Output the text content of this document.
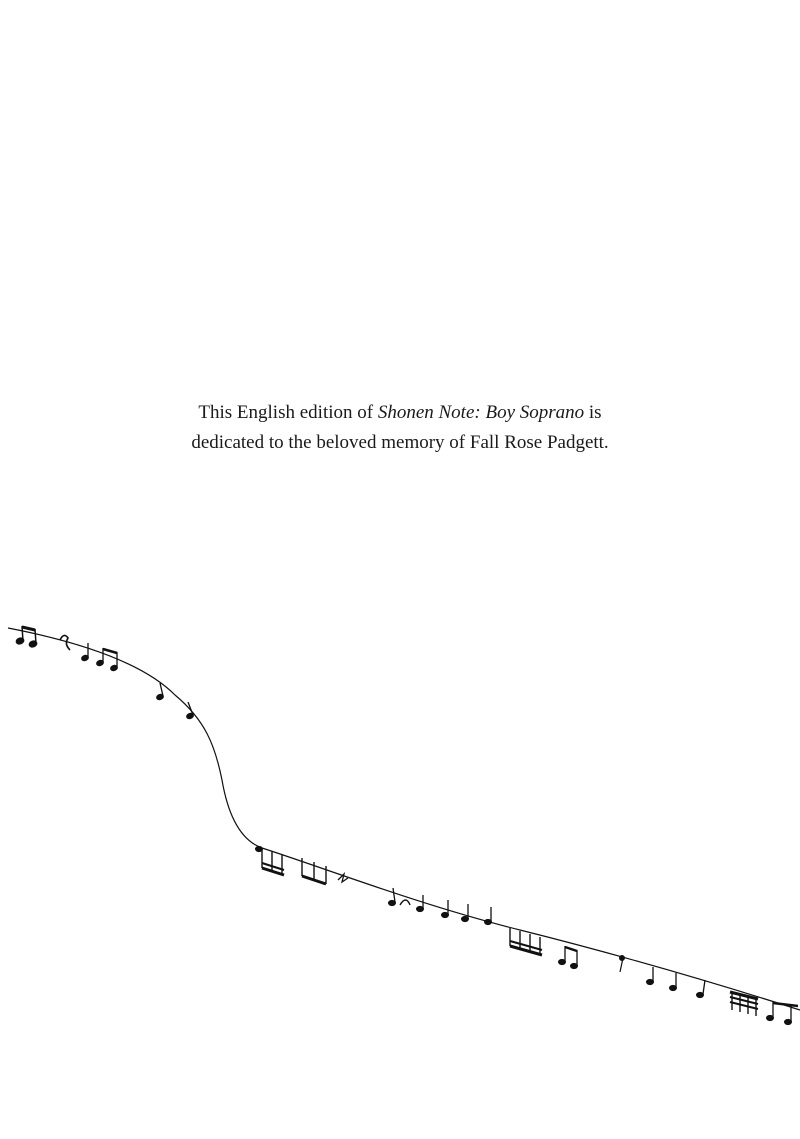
This English edition of Shonen Note: Boy Soprano is
dedicated to the beloved memory of Fall Rose Padgett.
